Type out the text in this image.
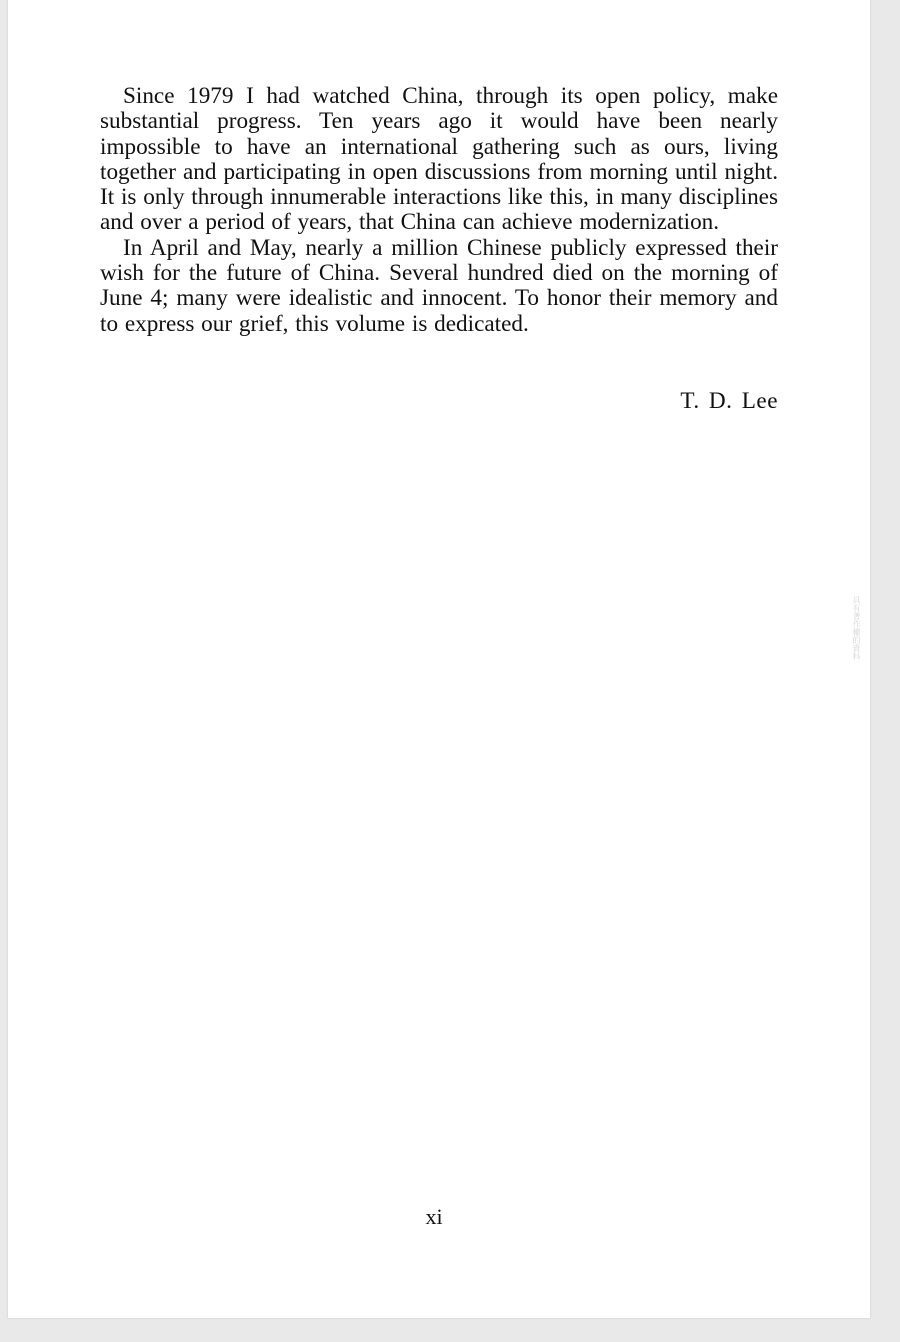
Since 1979 I had watched China, through its open policy, make substantial progress. Ten years ago it would have been nearly impossible to have an international gathering such as ours, living together and participating in open discussions from morning until night. It is only through innumerable interactions like this, in many disciplines and over a period of years, that China can achieve modernization.

In April and May, nearly a million Chinese publicly expressed their wish for the future of China. Several hundred died on the morning of June 4; many were idealistic and innocent. To honor their memory and to express our grief, this volume is dedicated.

T. D. Lee
xi
具有著作權的資料
